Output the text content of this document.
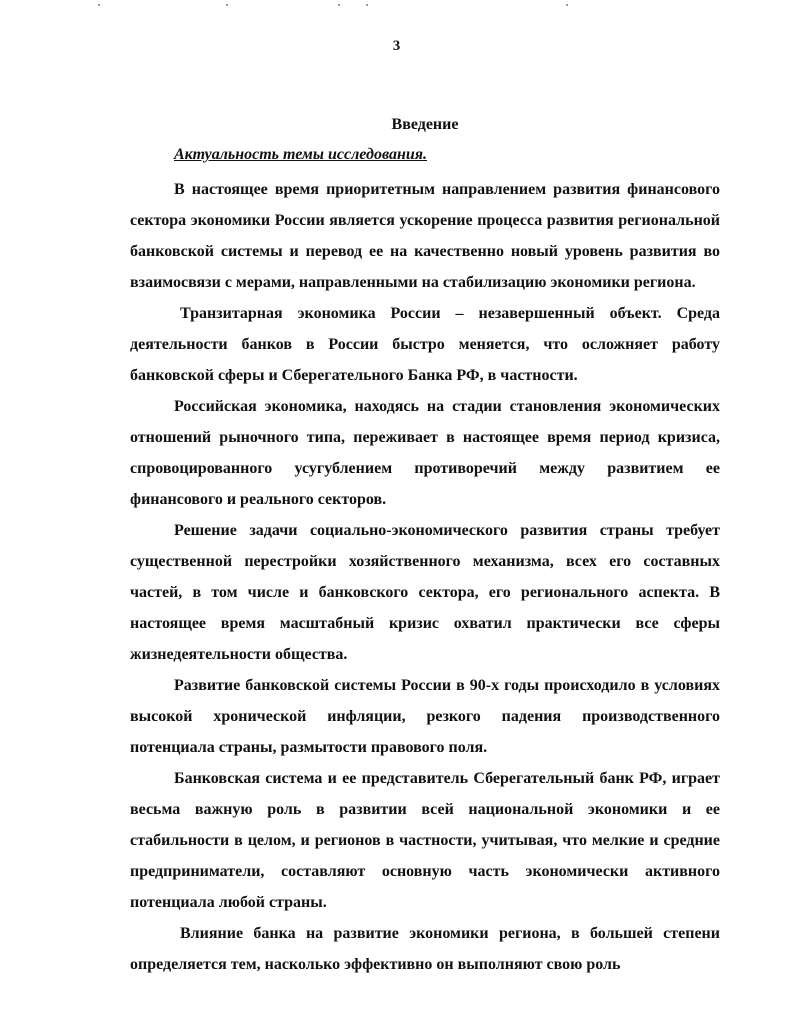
3
Введение
Актуальность темы исследования.

В настоящее время приоритетным направлением развития финансового сектора экономики России является ускорение процесса развития региональной банковской системы и перевод ее на качественно новый уровень развития во взаимосвязи с мерами, направленными на стабилизацию экономики региона.

Транзитарная экономика России – незавершенный объект. Среда деятельности банков в России быстро меняется, что осложняет работу банковской сферы и Сберегательного Банка РФ, в частности.

Российская экономика, находясь на стадии становления экономических отношений рыночного типа, переживает в настоящее время период кризиса, спровоцированного усугублением противоречий между развитием ее финансового и реального секторов.

Решение задачи социально-экономического развития страны требует существенной перестройки хозяйственного механизма, всех его составных частей, в том числе и банковского сектора, его регионального аспекта. В настоящее время масштабный кризис охватил практически все сферы жизнедеятельности общества.

Развитие банковской системы России в 90-х годы происходило в условиях высокой хронической инфляции, резкого падения производственного потенциала страны, размытости правового поля.

Банковская система и ее представитель Сберегательный банк РФ, играет весьма важную роль в развитии всей национальной экономики и ее стабильности в целом, и регионов в частности, учитывая, что мелкие и средние предприниматели, составляют основную часть экономически активного потенциала любой страны.

Влияние банка на развитие экономики региона, в большей степени определяется тем, насколько эффективно он выполняют свою роль
